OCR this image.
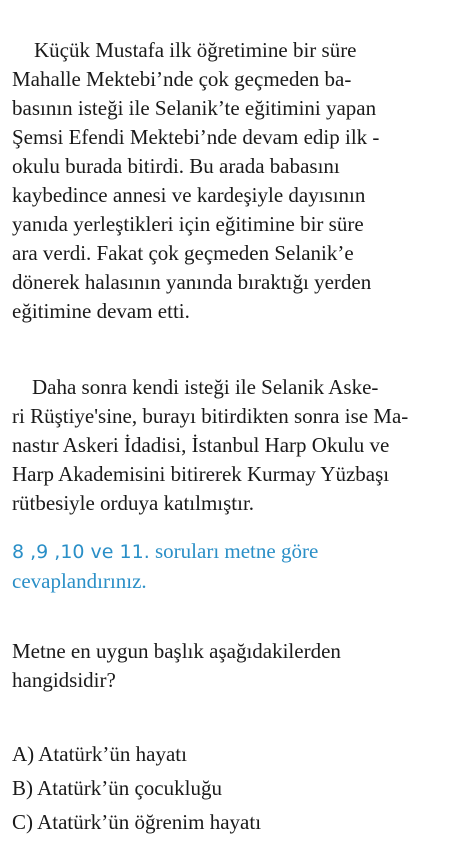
Küçük Mustafa ilk öğretimine bir süre
Mahalle Mektebi’nde çok geçmeden ba-
basının isteği ile Selanik’te eğitimini yapan
Şemsi Efendi Mektebi’nde devam edip ilk -
okulu burada bitirdi. Bu arada babasını
kaybedince annesi ve kardeşiyle dayısının
yanıda yerleştikleri için eğitimine bir süre
ara verdi. Fakat çok geçmeden Selanik’e
dönerek halasının yanında bıraktığı yerden
eğitimine devam etti.
Daha sonra kendi isteği ile Selanik Aske-
ri Rüştiye'sine, burayı bitirdikten sonra ise Ma-
nastır Askeri İdadisi, İstanbul Harp Okulu ve
Harp Akademisini bitirerek Kurmay Yüzbaşı
rütbesiyle orduya katılmıştır.
8 ,9 ,10 ve 11. soruları metne göre
cevaplandırınız.
Metne en uygun başlık aşağıdakilerden
hangidsidir?
A) Atatürk’ün hayatı
B) Atatürk’ün çocukluğu
C) Atatürk’ün öğrenim hayatı
